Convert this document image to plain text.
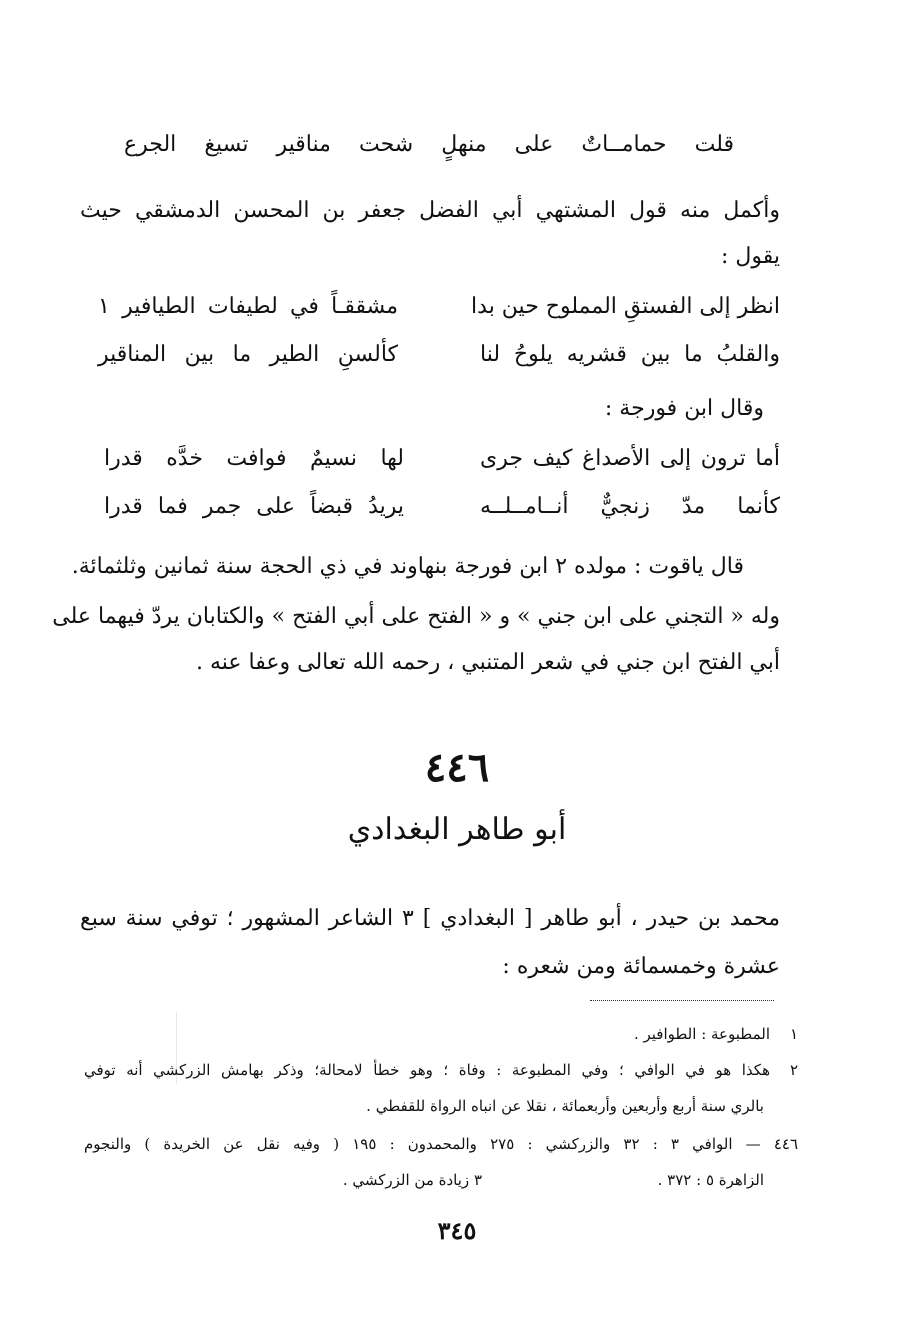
قلت حمامــاتٌ على منهلٍ شحت مناقير تسيغ الجرع
وأكمل منه قول المشتهي أبي الفضل جعفر بن المحسن الدمشقي حيث
يقول :
انظر إلى الفستقِ المملوح حين بدا
مشققـاً في لطيفات الطيافير ١
والقلبُ ما بين قشريه يلوحُ لنا
كألسنِ الطير ما بين المناقير
وقال ابن فورجة :
أما ترون إلى الأصداغ كيف جرى
لها نسيمٌ فوافت خدَّه قدرا
كأنما مدّ زنجيٌّ أنــامــلــه
يريدُ قبضاً على جمر فما قدرا
قال ياقوت : مولده ٢ ابن فورجة بنهاوند في ذي الحجة سنة ثمانين وثلثمائة.
وله « التجني على ابن جني » و « الفتح على أبي الفتح » والكتابان يردّ فيهما على
أبي الفتح ابن جني في شعر المتنبي ، رحمه الله تعالى وعفا عنه .
٤٤٦
أبو طاهر البغدادي
محمد بن حيدر ، أبو طاهر [ البغدادي ] ٣ الشاعر المشهور ؛ توفي سنة سبع
عشرة وخمسمائة ومن شعره :
١
المطبوعة : الطوافير .
٢
هكذا هو في الوافي ؛ وفي المطبوعة : وفاة ؛ وهو خطأ لامحالة؛ وذكر بهامش الزركشي أنه توفي
بالري سنة أربع وأربعين وأربعمائة ، نقلا عن انباه الرواة للقفطي .
٤٤٦ — الوافي ٣ : ٣٢ والزركشي : ٢٧٥ والمحمدون : ١٩٥ ( وفيه نقل عن الخريدة ) والنجوم
الزاهرة ٥ : ٣٧٢ .
٣ زيادة من الزركشي .
٣٤٥
